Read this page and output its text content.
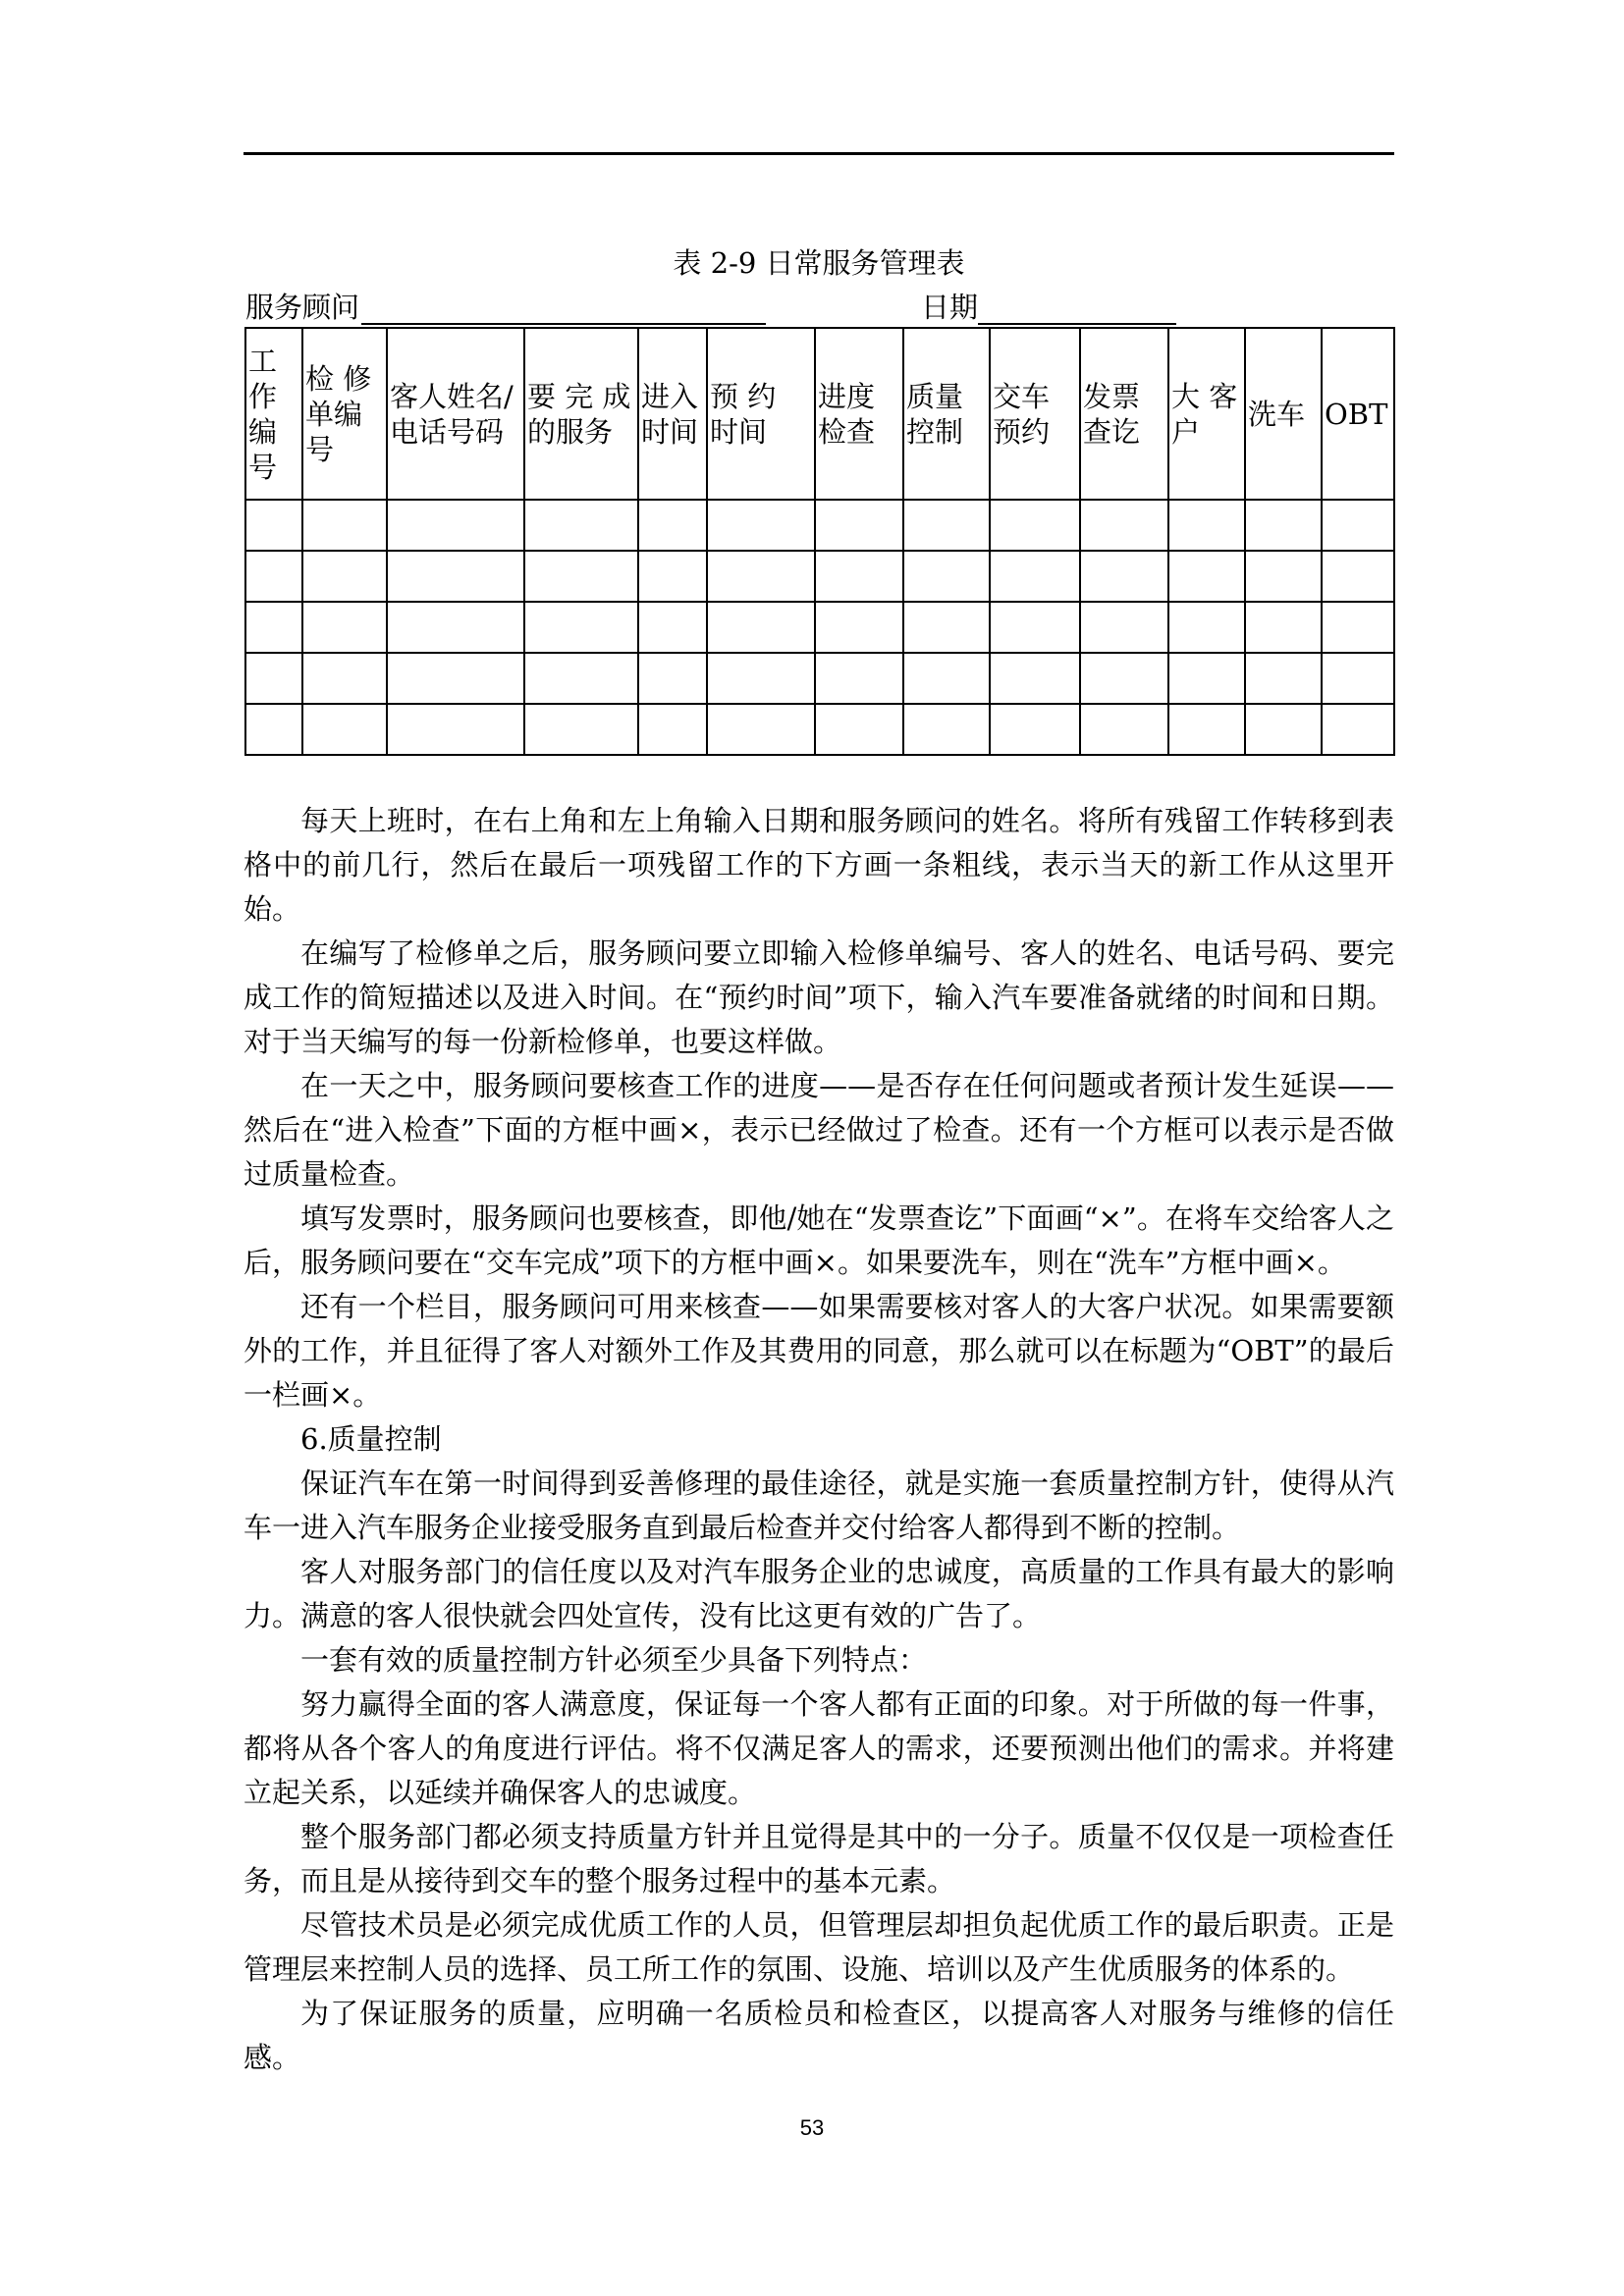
表 2-9 日常服务管理表
服务顾问	日期
工作编号	检 修单编号	客人姓名/电话号码	要 完 成 的服务	进入时间	预 约 时间	进度检查	质量控制	交车预约	发票查讫	大 客户	洗车	OBT

每天上班时，在右上角和左上角输入日期和服务顾问的姓名。将所有残留工作转移到表格中的前几行，然后在最后一项残留工作的下方画一条粗线，表示当天的新工作从这里开始。

在编写了检修单之后，服务顾问要立即输入检修单编号、客人的姓名、电话号码、要完成工作的简短描述以及进入时间。在“预约时间”项下，输入汽车要准备就绪的时间和日期。对于当天编写的每一份新检修单，也要这样做。

在一天之中，服务顾问要核查工作的进度——是否存在任何问题或者预计发生延误——然后在“进入检查”下面的方框中画×，表示已经做过了检查。还有一个方框可以表示是否做过质量检查。

填写发票时，服务顾问也要核查，即他/她在“发票查讫”下面画“×”。在将车交给客人之后，服务顾问要在“交车完成”项下的方框中画×。如果要洗车，则在“洗车”方框中画×。

还有一个栏目，服务顾问可用来核查——如果需要核对客人的大客户状况。如果需要额外的工作，并且征得了客人对额外工作及其费用的同意，那么就可以在标题为“OBT”的最后一栏画×。

6.质量控制

保证汽车在第一时间得到妥善修理的最佳途径，就是实施一套质量控制方针，使得从汽车一进入汽车服务企业接受服务直到最后检查并交付给客人都得到不断的控制。

客人对服务部门的信任度以及对汽车服务企业的忠诚度，高质量的工作具有最大的影响力。满意的客人很快就会四处宣传，没有比这更有效的广告了。

一套有效的质量控制方针必须至少具备下列特点：

努力赢得全面的客人满意度，保证每一个客人都有正面的印象。对于所做的每一件事，都将从各个客人的角度进行评估。将不仅满足客人的需求，还要预测出他们的需求。并将建立起关系，以延续并确保客人的忠诚度。

整个服务部门都必须支持质量方针并且觉得是其中的一分子。质量不仅仅是一项检查任务，而且是从接待到交车的整个服务过程中的基本元素。

尽管技术员是必须完成优质工作的人员，但管理层却担负起优质工作的最后职责。正是管理层来控制人员的选择、员工所工作的氛围、设施、培训以及产生优质服务的体系的。

为了保证服务的质量，应明确一名质检员和检查区，以提高客人对服务与维修的信任感。

53
